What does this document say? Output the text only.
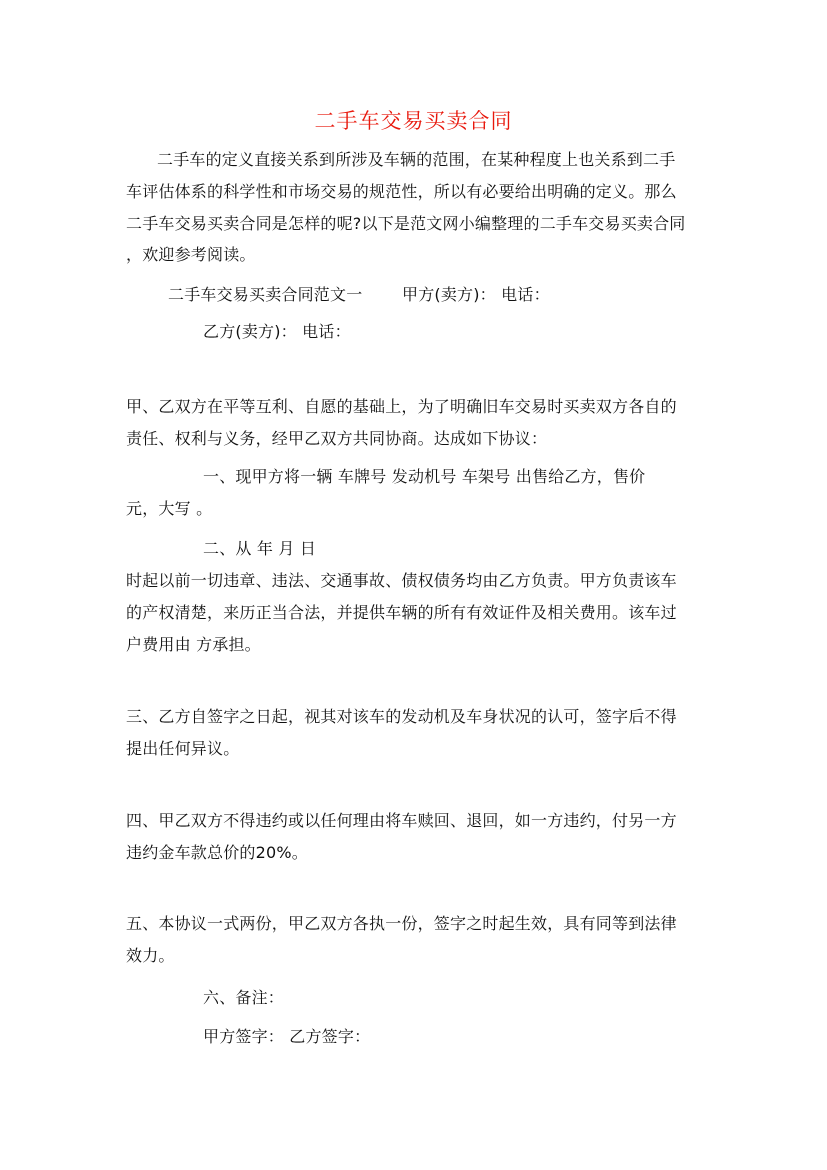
二手车交易买卖合同
二手车的定义直接关系到所涉及车辆的范围，在某种程度上也关系到二手
车评估体系的科学性和市场交易的规范性，所以有必要给出明确的定义。那么
二手车交易买卖合同是怎样的呢?以下是范文网小编整理的二手车交易买卖合同
，欢迎参考阅读。
二手车交易买卖合同范文一 甲方(卖方)： 电话：
乙方(卖方)： 电话：
甲、乙双方在平等互利、自愿的基础上，为了明确旧车交易时买卖双方各自的
责任、权利与义务，经甲乙双方共同协商。达成如下协议：
一、现甲方将一辆 车牌号 发动机号 车架号 出售给乙方，售价
元，大写 。
二、从 年 月 日
时起以前一切违章、违法、交通事故、债权债务均由乙方负责。甲方负责该车
的产权清楚，来历正当合法，并提供车辆的所有有效证件及相关费用。该车过
户费用由 方承担。
三、乙方自签字之日起，视其对该车的发动机及车身状况的认可，签字后不得
提出任何异议。
四、甲乙双方不得违约或以任何理由将车赎回、退回，如一方违约，付另一方
违约金车款总价的20%。
五、本协议一式两份，甲乙双方各执一份，签字之时起生效，具有同等到法律
效力。
六、备注：
甲方签字： 乙方签字：
